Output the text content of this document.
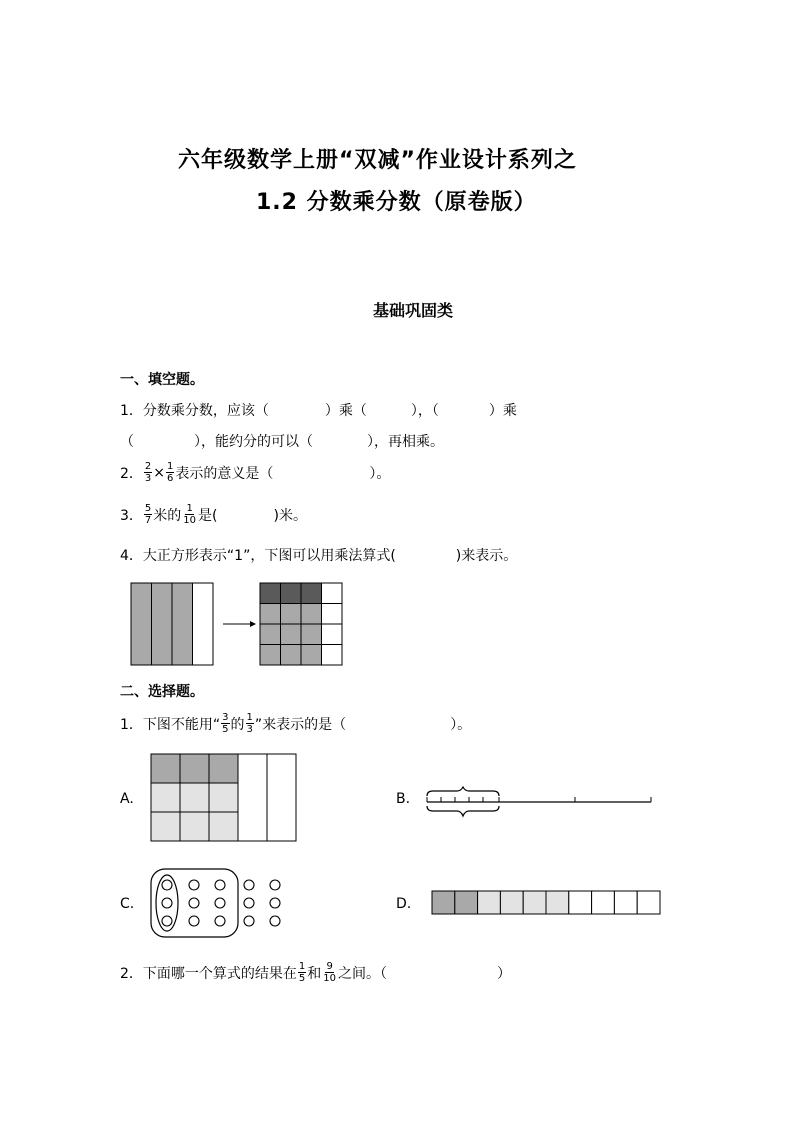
六年级数学上册“双减”作业设计系列之
1.2 分数乘分数（原卷版）
基础巩固类
一、填空题。
1．分数乘分数，应该（	）乘（	），（	）乘
（	），能约分的可以（	），再相乘。
2． $\frac{2}{3} \times \frac{1}{6}$ 表示的意义是（	）。
3． $\frac{5}{7}$ 米的 $\frac{1}{10}$ 是(	)米。
4．大正方形表示“1”，下图可以用乘法算式(	)来表示。
二、选择题。
1．下图不能用“ $\frac{3}{5}$ 的 $\frac{1}{3}$ ”来表示的是（	）。
A.	B.
C.	D.
2．下面哪一个算式的结果在 $\frac{1}{5}$ 和 $\frac{9}{10}$ 之间。（	）
